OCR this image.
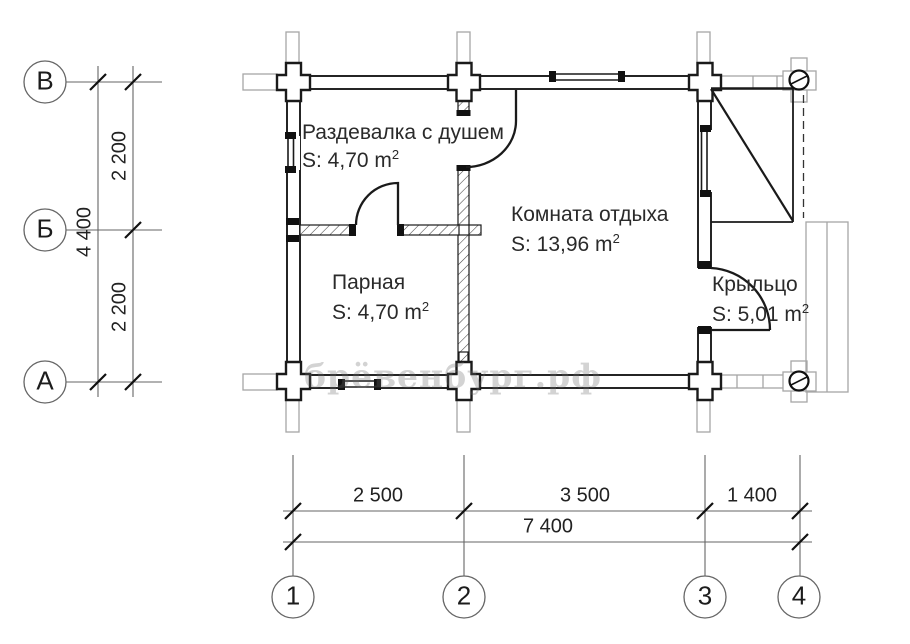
брёвенбург.рф
Раздевалка с душем
S: 4,70 $m^2$
Комната отдыха
S: 13,96 $m^2$
Парная
S: 4,70 $m^2$
Крыльцо
S: 5,01 $m^2$
2 200
2 200
4 400
2 500	3 500	1 400
7 400
В
Б
А
1	2	3	4
